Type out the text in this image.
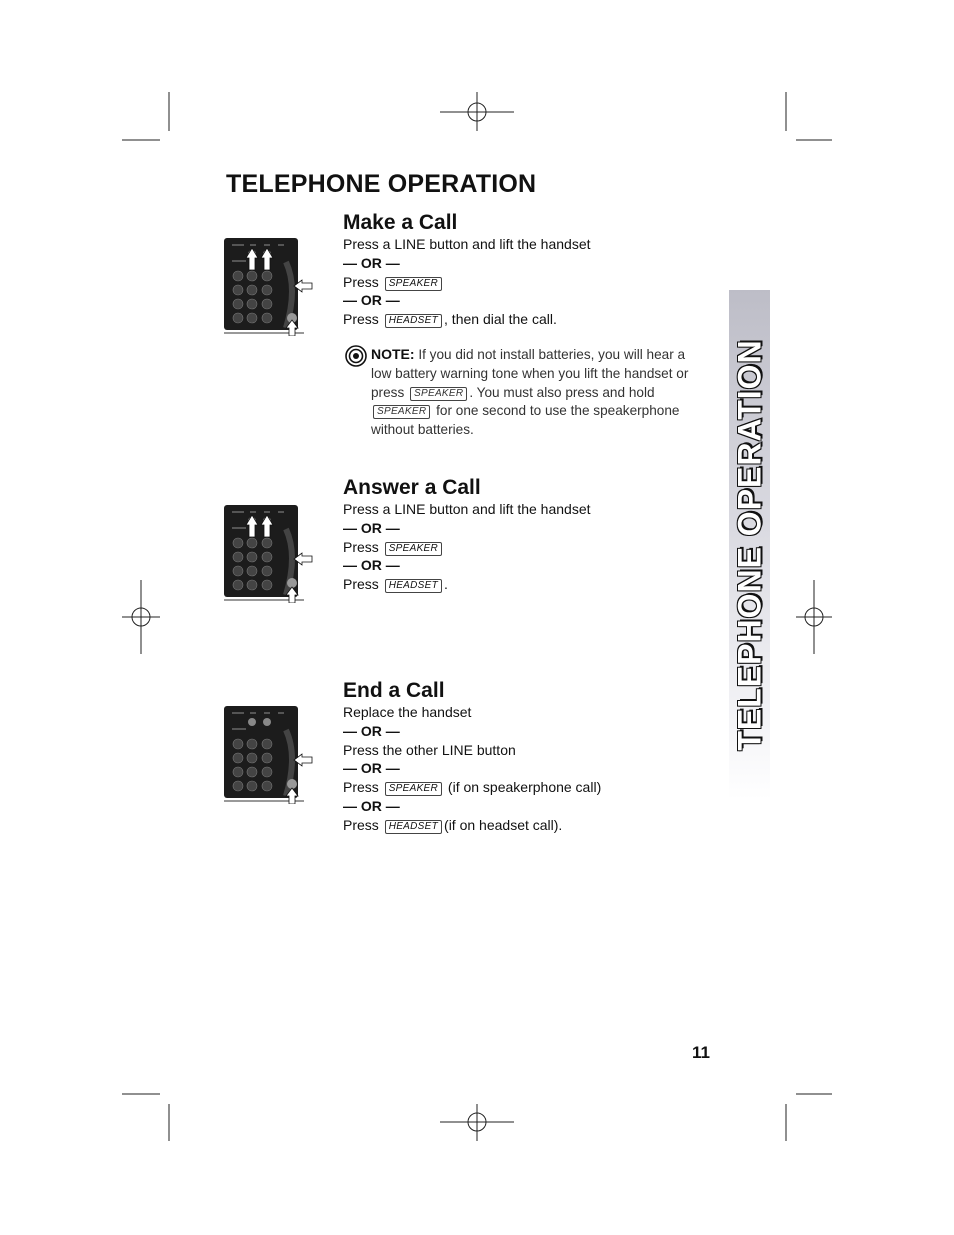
TELEPHONE OPERATION
TELEPHONE OPERATION
Make a Call
Press a LINE button and lift the handset
— OR —
Press SPEAKER
— OR —
Press HEADSET , then dial the call.
NOTE: If you did not install batteries, you will hear a low battery warning tone when you lift the handset or press SPEAKER . You must also press and hold SPEAKER for one second to use the speakerphone without batteries.
Answer a Call
Press a LINE button and lift the handset
— OR —
Press SPEAKER
— OR —
Press HEADSET .
End a Call
Replace the handset
— OR —
Press the other LINE button
— OR —
Press SPEAKER (if on speakerphone call)
— OR —
Press HEADSET (if on headset call).
11
